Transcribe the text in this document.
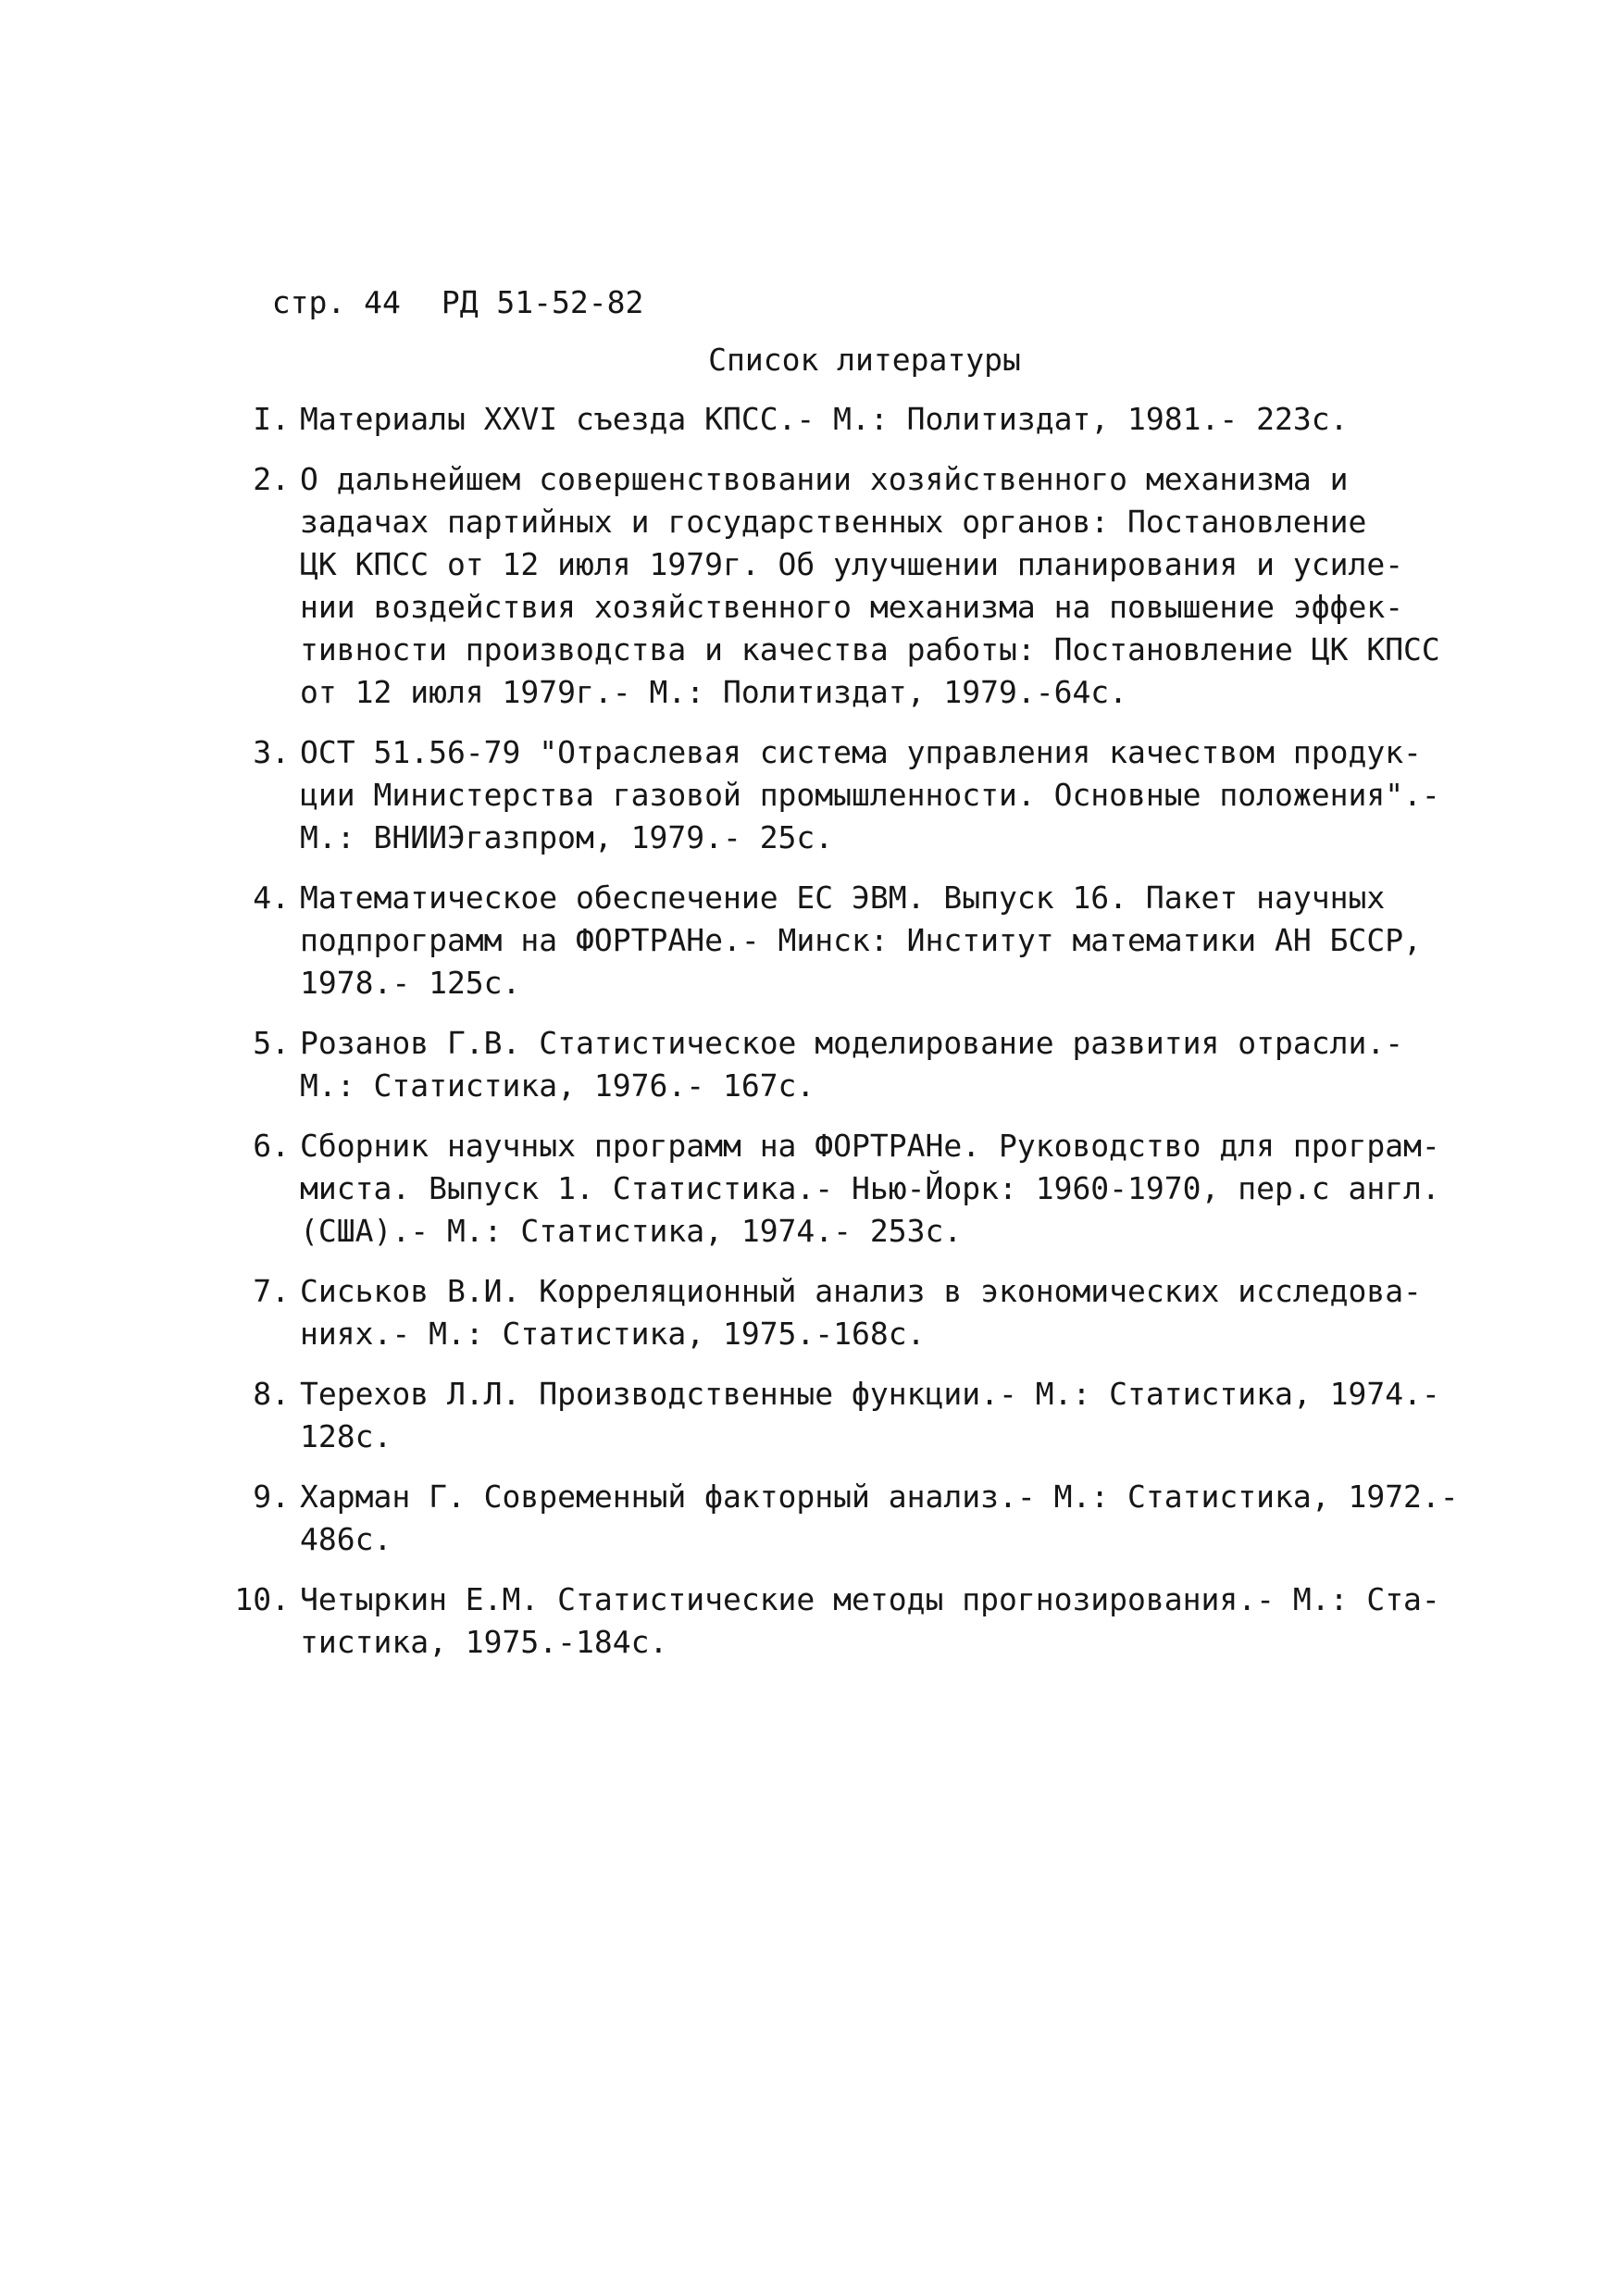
стр. 44 РД 51-52-82

Список литературы
I. Материалы XXVI съезда КПСС.- М.: Политиздат, 1981.- 223с.
2. О дальнейшем совершенствовании хозяйственного механизма и
задачах партийных и государственных органов: Постановление
ЦК КПСС от 12 июля 1979г. Об улучшении планирования и усиле-
нии воздействия хозяйственного механизма на повышение эффек-
тивности производства и качества работы: Постановление ЦК КПСС
от 12 июля 1979г.- М.: Политиздат, 1979.-64с.
3. ОСТ 51.56-79 "Отраслевая система управления качеством продук-
ции Министерства газовой промышленности. Основные положения".-
М.: ВНИИЭгазпром, 1979.- 25с.
4. Математическое обеспечение ЕС ЭВМ. Выпуск 16. Пакет научных
подпрограмм на ФОРТРАНе.- Минск: Институт математики АН БССР,
1978.- 125с.
5. Розанов Г.В. Статистическое моделирование развития отрасли.-
М.: Статистика, 1976.- 167с.
6. Сборник научных программ на ФОРТРАНе. Руководство для програм-
миста. Выпуск 1. Статистика.- Нью-Йорк: 1960-1970, пер.с англ.
(США).- М.: Статистика, 1974.- 253с.
7. Сиськов В.И. Корреляционный анализ в экономических исследова-
ниях.- М.: Статистика, 1975.-168с.
8. Терехов Л.Л. Производственные функции.- М.: Статистика, 1974.-
128с.
9. Харман Г. Современный факторный анализ.- М.: Статистика, 1972.-
486с.
10. Четыркин Е.М. Статистические методы прогнозирования.- М.: Ста-
тистика, 1975.-184с.
